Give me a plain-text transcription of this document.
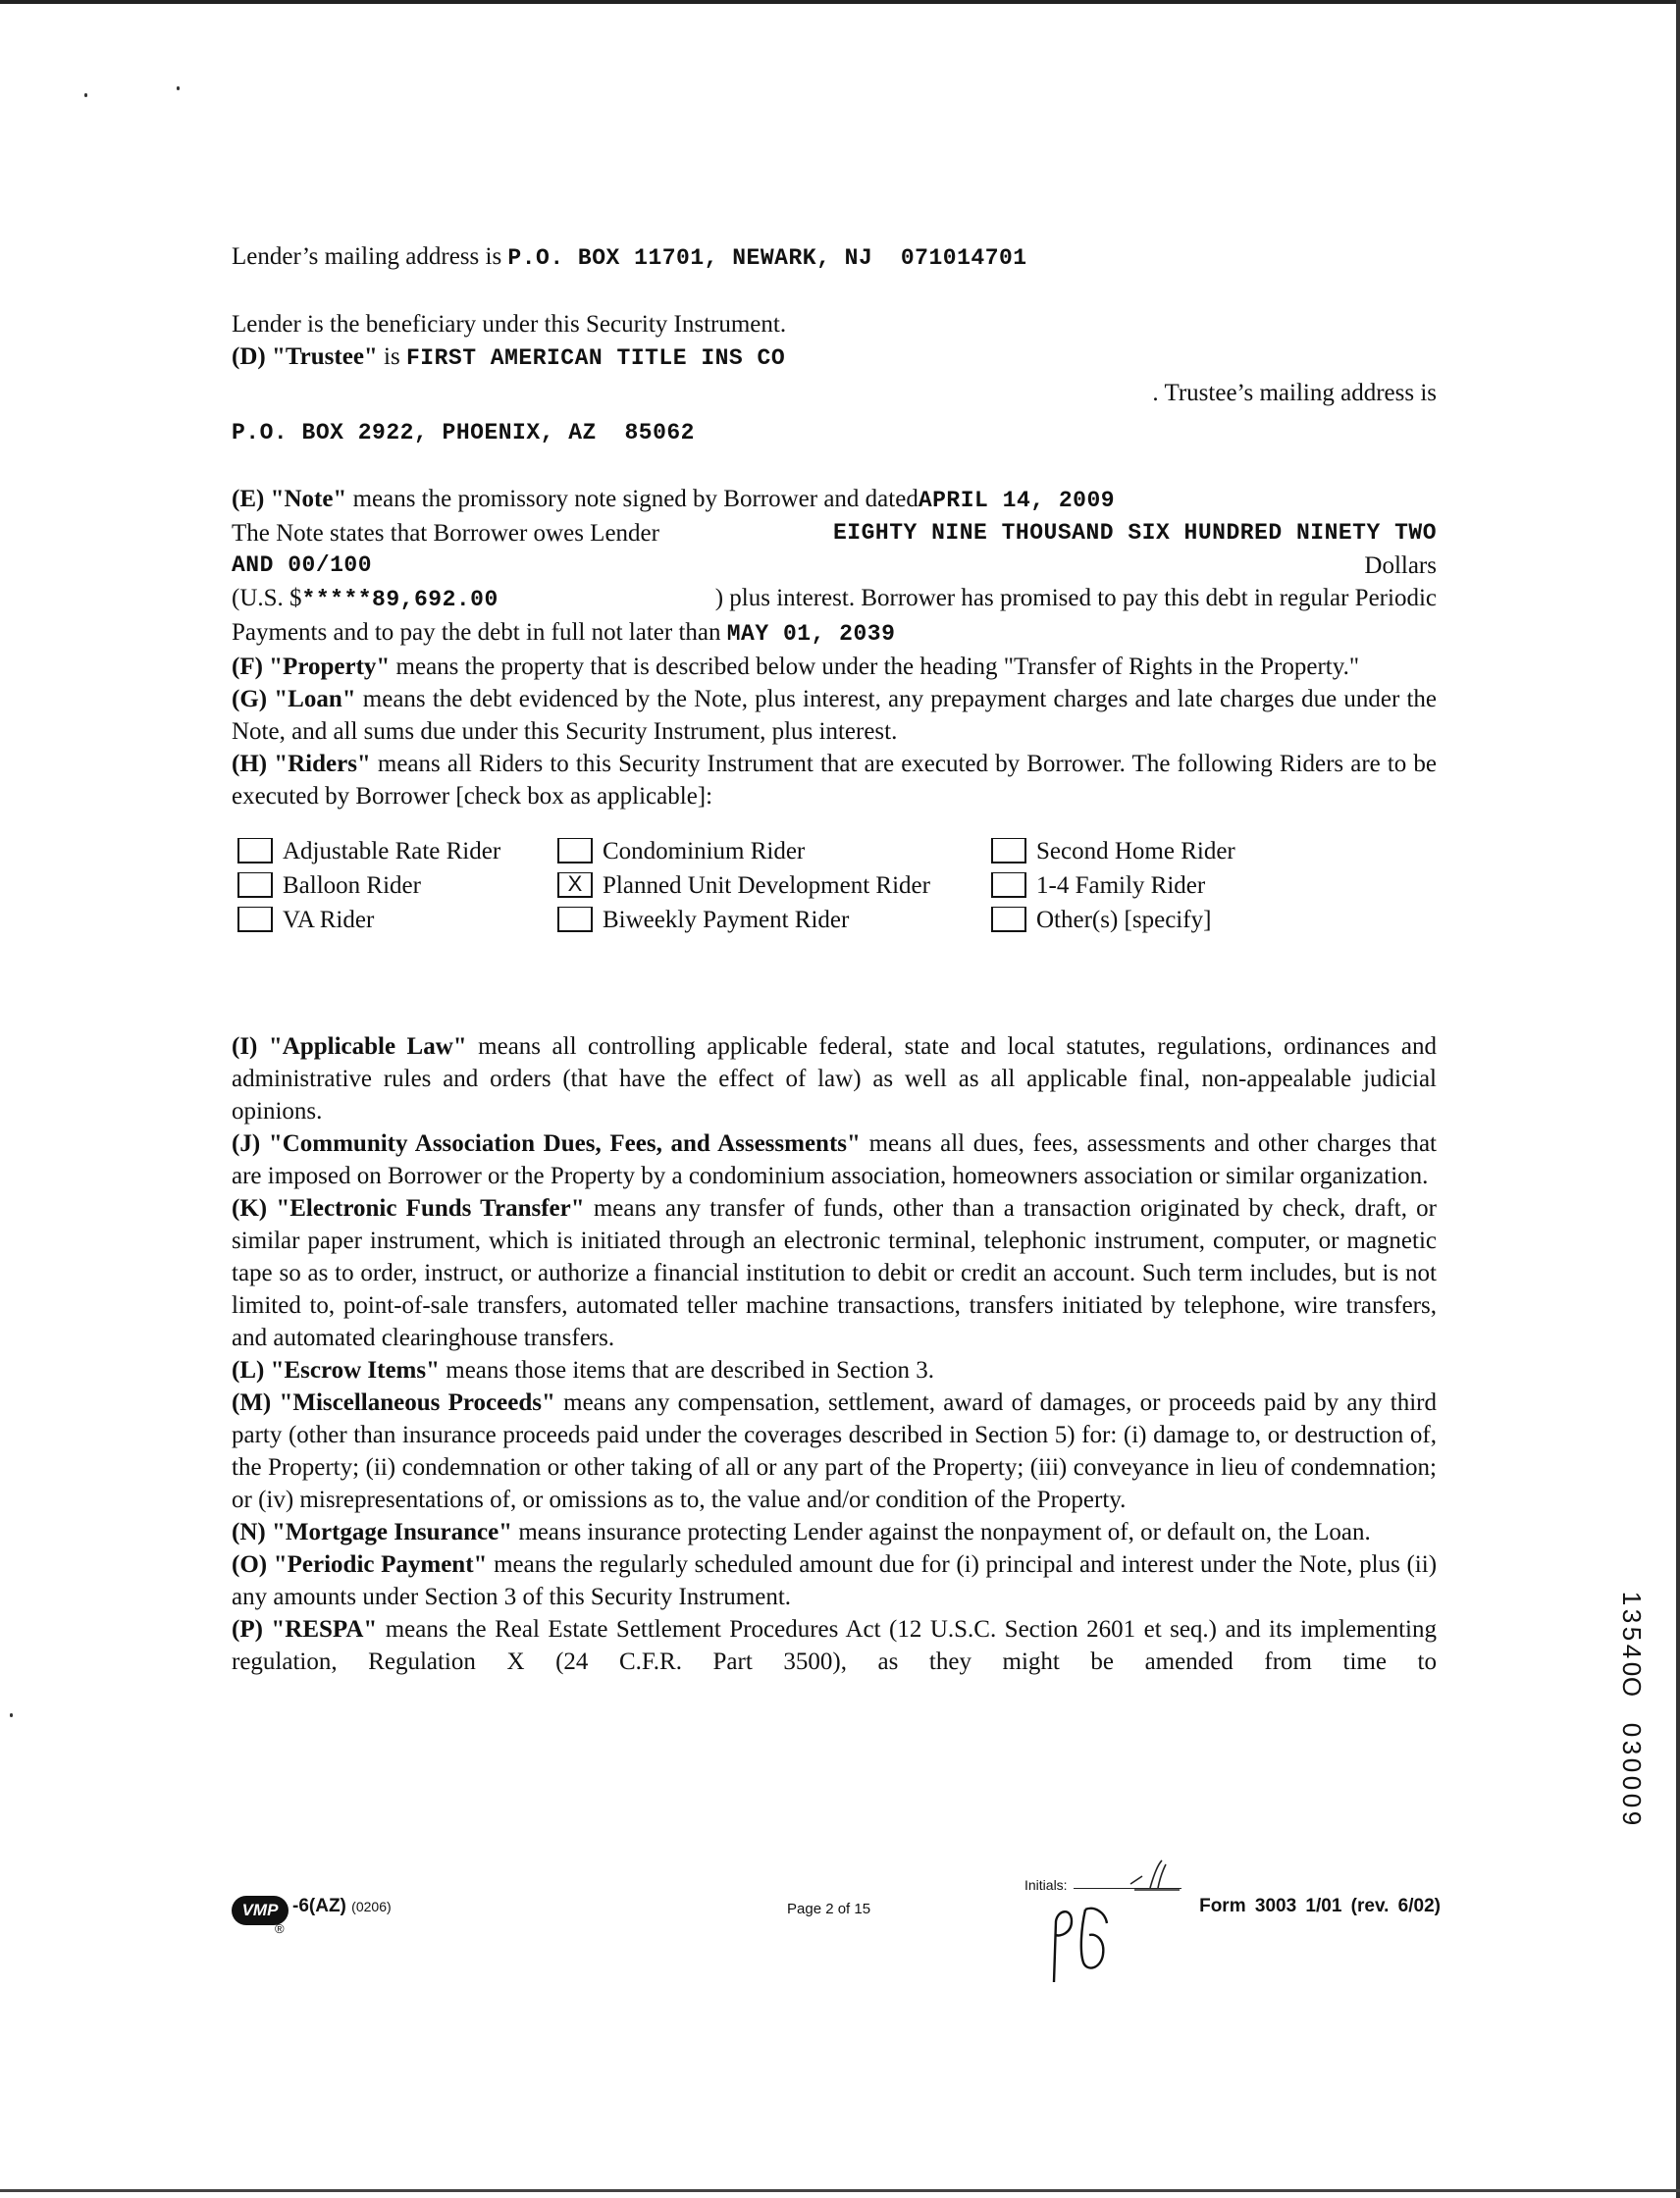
Lender’s mailing address is P.O. BOX 11701, NEWARK, NJ  071014701

Lender is the beneficiary under this Security Instrument.

(D) "Trustee" is FIRST AMERICAN TITLE INS CO

. Trustee’s mailing address is

P.O. BOX 2922, PHOENIX, AZ  85062

(E) "Note" means the promissory note signed by Borrower and datedAPRIL 14, 2009

The Note states that Borrower owes Lender	EIGHTY NINE THOUSAND SIX HUNDRED NINETY TWO

AND 00/100	Dollars

(U.S. $*****89,692.00	) plus interest. Borrower has promised to pay this debt in regular Periodic

Payments and to pay the debt in full not later than MAY 01, 2039

(F) "Property" means the property that is described below under the heading "Transfer of Rights in the Property."

(G) "Loan" means the debt evidenced by the Note, plus interest, any prepayment charges and late charges due under the Note, and all sums due under this Security Instrument, plus interest.

(H) "Riders" means all Riders to this Security Instrument that are executed by Borrower. The following Riders are to be executed by Borrower [check box as applicable]:

Adjustable Rate Rider	Condominium Rider	Second Home Rider
Balloon Rider	X Planned Unit Development Rider	1-4 Family Rider
VA Rider	Biweekly Payment Rider	Other(s) [specify]

(I) "Applicable Law" means all controlling applicable federal, state and local statutes, regulations, ordinances and administrative rules and orders (that have the effect of law) as well as all applicable final, non-appealable judicial opinions.

(J) "Community Association Dues, Fees, and Assessments" means all dues, fees, assessments and other charges that are imposed on Borrower or the Property by a condominium association, homeowners association or similar organization.

(K) "Electronic Funds Transfer" means any transfer of funds, other than a transaction originated by check, draft, or similar paper instrument, which is initiated through an electronic terminal, telephonic instrument, computer, or magnetic tape so as to order, instruct, or authorize a financial institution to debit or credit an account. Such term includes, but is not limited to, point-of-sale transfers, automated teller machine transactions, transfers initiated by telephone, wire transfers, and automated clearinghouse transfers.

(L) "Escrow Items" means those items that are described in Section 3.

(M) "Miscellaneous Proceeds" means any compensation, settlement, award of damages, or proceeds paid by any third party (other than insurance proceeds paid under the coverages described in Section 5) for: (i) damage to, or destruction of, the Property; (ii) condemnation or other taking of all or any part of the Property; (iii) conveyance in lieu of condemnation; or (iv) misrepresentations of, or omissions as to, the value and/or condition of the Property.

(N) "Mortgage Insurance" means insurance protecting Lender against the nonpayment of, or default on, the Loan.

(O) "Periodic Payment" means the regularly scheduled amount due for (i) principal and interest under the Note, plus (ii) any amounts under Section 3 of this Security Instrument.

(P) "RESPA" means the Real Estate Settlement Procedures Act (12 U.S.C. Section 2601 et seq.) and its implementing regulation, Regulation X (24 C.F.R. Part 3500), as they might be amended from time to

VMP
®
-6(AZ) (0206)	Page 2 of 15
Initials:
Form 3003 1/01 (rev. 6/02)
1
3
5
4
0
O
0
3
0
0
0
9
